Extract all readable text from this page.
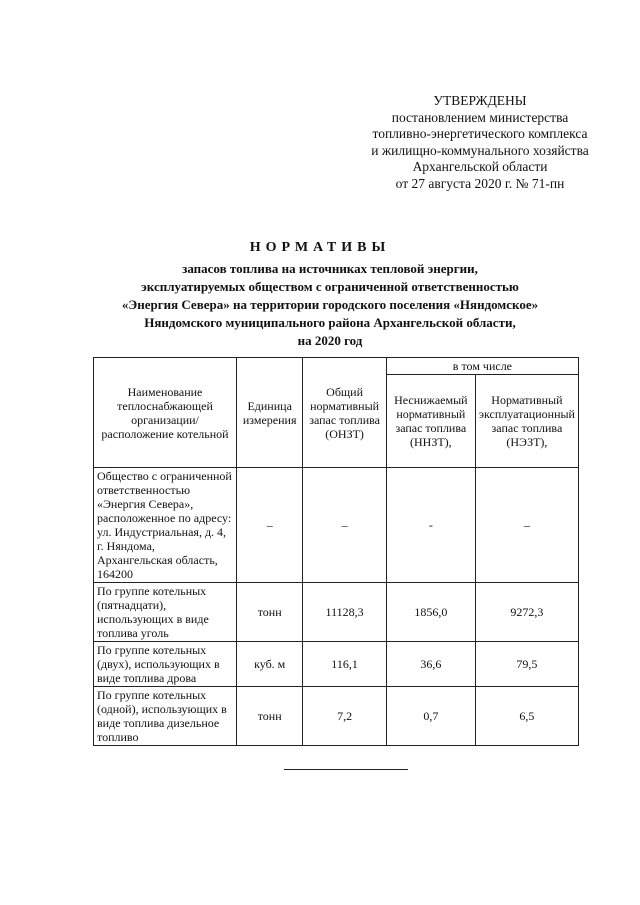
УТВЕРЖДЕНЫ
постановлением министерства
топливно-энергетического комплекса
и жилищно-коммунального хозяйства
Архангельской области
от 27 августа 2020 г. № 71-пн
НОРМАТИВЫ
запасов топлива на источниках тепловой энергии,
эксплуатируемых обществом с ограниченной ответственностью
«Энергия Севера» на территории городского поселения «Няндомское»
Няндомского муниципального района Архангельской области,
на 2020 год
Наименование теплоснабжающей организации/ расположение котельной	Единица измерения	Общий нормативный запас топлива (ОНЗТ)	в том числе	
			Неснижаемый нормативный запас топлива (ННЗТ),	Нормативный эксплуатационный запас топлива (НЭЗТ),
Общество с ограниченной ответственностью «Энергия Севера», расположенное по адресу: ул. Индустриальная, д. 4, г. Няндома, Архангельская область, 164200	–	–	-	–
По группе котельных (пятнадцати), использующих в виде топлива уголь	тонн	11128,3	1856,0	9272,3
По группе котельных (двух), использующих в виде топлива дрова	куб. м	116,1	36,6	79,5
По группе котельных (одной), использующих в виде топлива дизельное топливо	тонн	7,2	0,7	6,5
